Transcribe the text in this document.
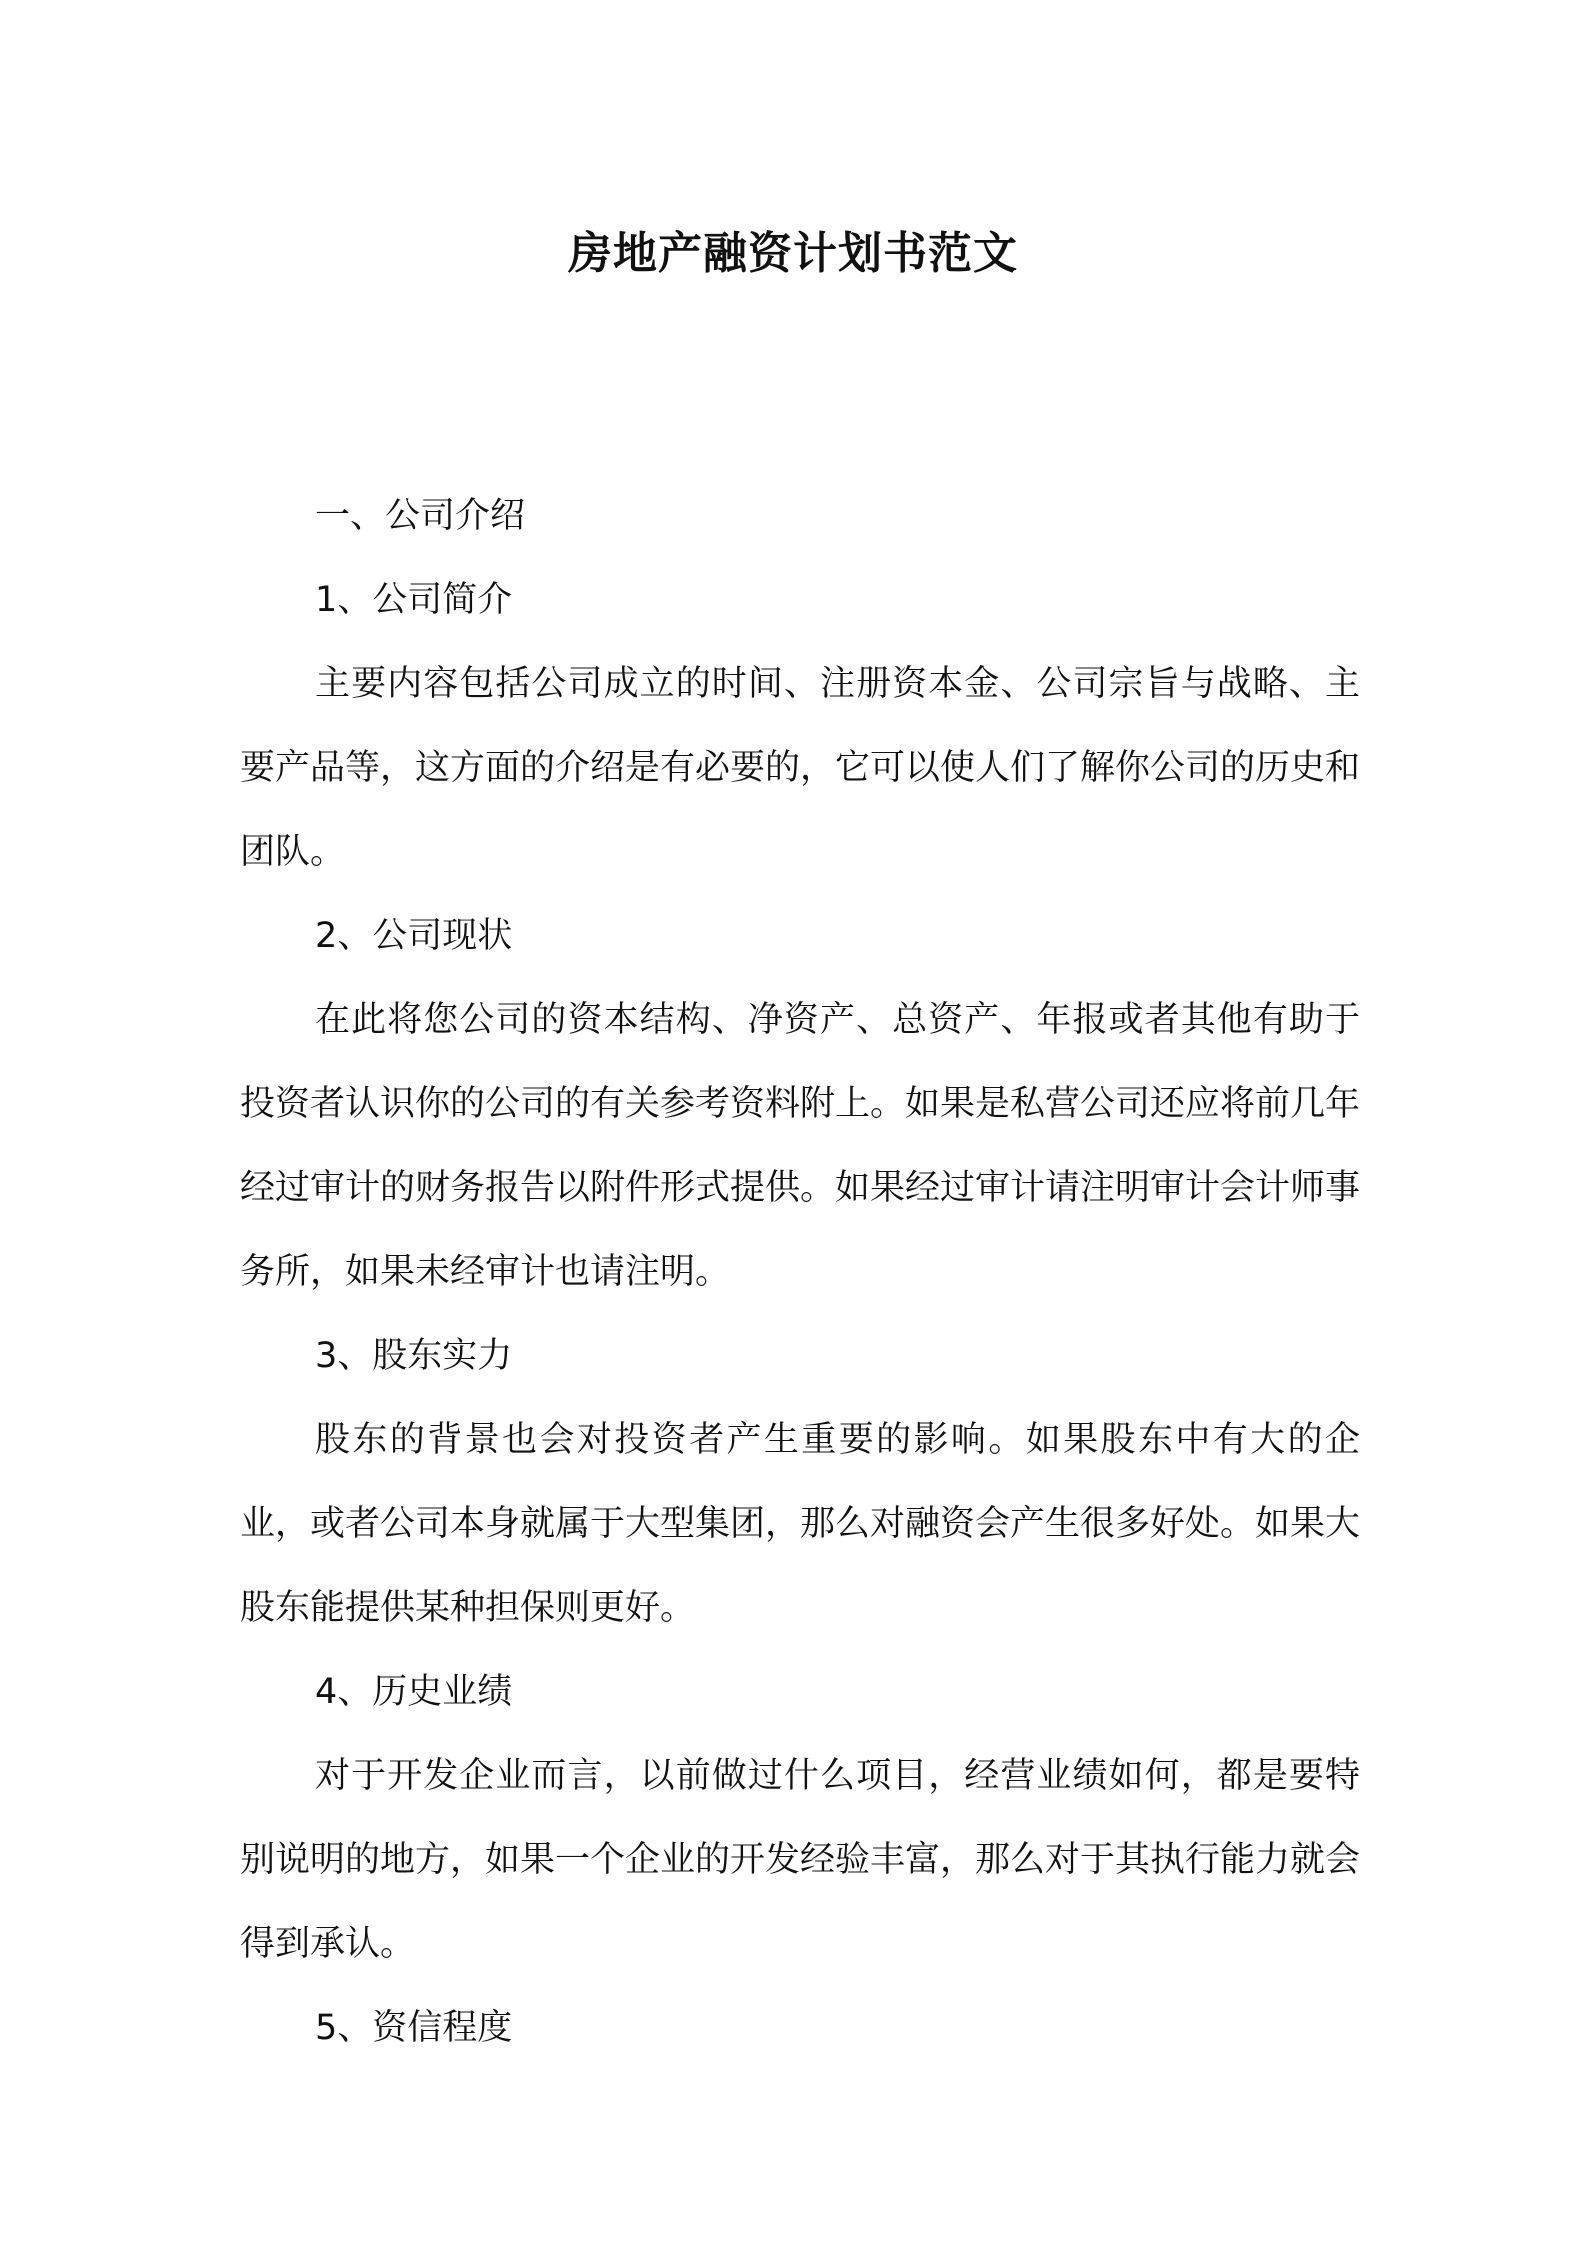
房地产融资计划书范文

一、公司介绍

1、公司简介

主要内容包括公司成立的时间、注册资本金、公司宗旨与战略、主要产品等，这方面的介绍是有必要的，它可以使人们了解你公司的历史和团队。

2、公司现状

在此将您公司的资本结构、净资产、总资产、年报或者其他有助于投资者认识你的公司的有关参考资料附上。如果是私营公司还应将前几年经过审计的财务报告以附件形式提供。如果经过审计请注明审计会计师事务所，如果未经审计也请注明。

3、股东实力

股东的背景也会对投资者产生重要的影响。如果股东中有大的企业，或者公司本身就属于大型集团，那么对融资会产生很多好处。如果大股东能提供某种担保则更好。

4、历史业绩

对于开发企业而言，以前做过什么项目，经营业绩如何，都是要特别说明的地方，如果一个企业的开发经验丰富，那么对于其执行能力就会得到承认。

5、资信程度
